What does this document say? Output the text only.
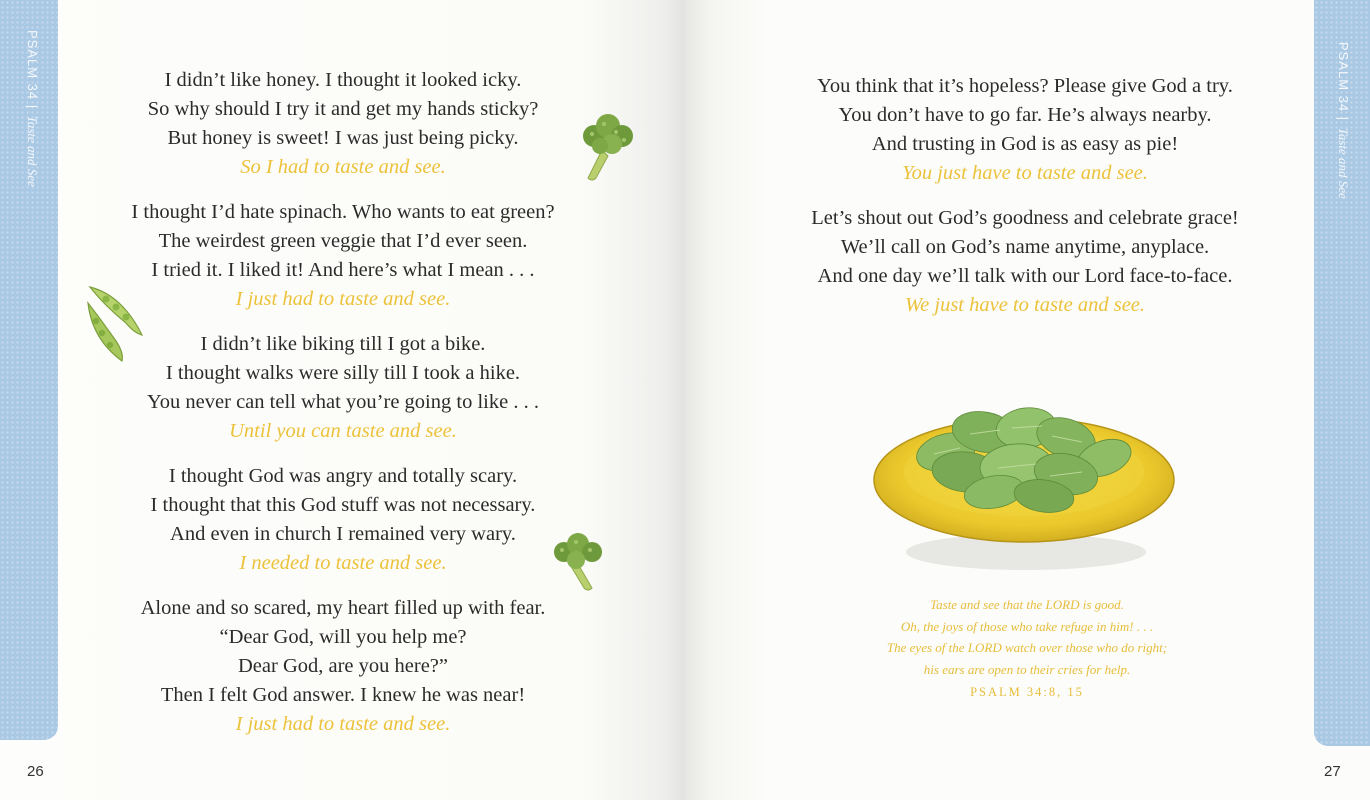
PSALM 34 | Taste and See
I didn’t like honey. I thought it looked icky.
So why should I try it and get my hands sticky?
But honey is sweet! I was just being picky.
So I had to taste and see.
I thought I’d hate spinach. Who wants to eat green?
The weirdest green veggie that I’d ever seen.
I tried it. I liked it! And here’s what I mean . . .
I just had to taste and see.
I didn’t like biking till I got a bike.
I thought walks were silly till I took a hike.
You never can tell what you’re going to like . . .
Until you can taste and see.
I thought God was angry and totally scary.
I thought that this God stuff was not necessary.
And even in church I remained very wary.
I needed to taste and see.
Alone and so scared, my heart filled up with fear.
“Dear God, will you help me?
Dear God, are you here?”
Then I felt God answer. I knew he was near!
I just had to taste and see.
26
PSALM 34 | Taste and See
You think that it’s hopeless? Please give God a try.
You don’t have to go far. He’s always nearby.
And trusting in God is as easy as pie!
You just have to taste and see.
Let’s shout out God’s goodness and celebrate grace!
We’ll call on God’s name anytime, anyplace.
And one day we’ll talk with our Lord face-to-face.
We just have to taste and see.
Taste and see that the LORD is good.
Oh, the joys of those who take refuge in him! . . .
The eyes of the LORD watch over those who do right;
his ears are open to their cries for help.
PSALM 34:8, 15
27
